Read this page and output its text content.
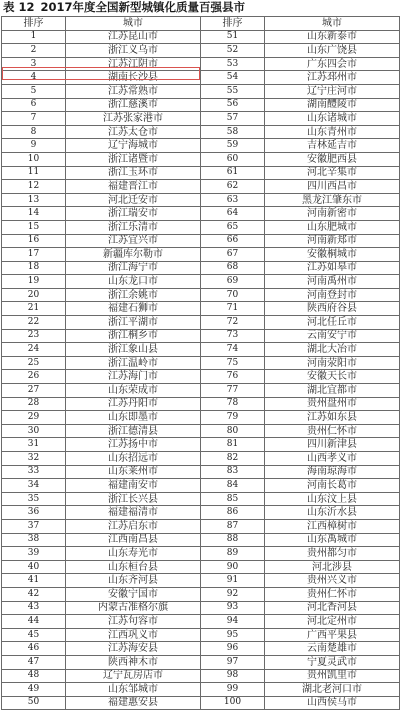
表 12 2017年度全国新型城镇化质量百强县市
排序	城市	排序	城市
1	江苏昆山市	51	山东新泰市
2	浙江义乌市	52	山东广饶县
3	江苏江阴市	53	广东四会市
4	湖南长沙县	54	江苏邳州市
5	江苏常熟市	55	辽宁庄河市
6	浙江慈溪市	56	湖南醴陵市
7	江苏张家港市	57	山东诸城市
8	江苏太仓市	58	山东青州市
9	辽宁海城市	59	吉林延吉市
10	浙江诸暨市	60	安徽肥西县
11	浙江玉环市	61	河北辛集市
12	福建晋江市	62	四川西昌市
13	河北迁安市	63	黑龙江肇东市
14	浙江瑞安市	64	河南新密市
15	浙江乐清市	65	山东肥城市
16	江苏宜兴市	66	河南新郑市
17	新疆库尔勒市	67	安徽桐城市
18	浙江海宁市	68	江苏如皋市
19	山东龙口市	69	河南禹州市
20	浙江余姚市	70	河南登封市
21	福建石狮市	71	陕西府谷县
22	浙江平湖市	72	河北任丘市
23	浙江桐乡市	73	云南安宁市
24	浙江象山县	74	湖北大冶市
25	浙江温岭市	75	河南荥阳市
26	江苏海门市	76	安徽天长市
27	山东荣成市	77	湖北宜都市
28	江苏丹阳市	78	贵州盘州市
29	山东即墨市	79	江苏如东县
30	浙江德清县	80	贵州仁怀市
31	江苏扬中市	81	四川新津县
32	山东招远市	82	山西孝义市
33	山东莱州市	83	海南琼海市
34	福建南安市	84	河南长葛市
35	浙江长兴县	85	山东汶上县
36	福建福清市	86	山东沂水县
37	江苏启东市	87	江西樟树市
38	江西南昌县	88	山东禹城市
39	山东寿光市	89	贵州都匀市
40	山东桓台县	90	河北涉县
41	山东齐河县	91	贵州兴义市
42	安徽宁国市	92	贵州仁怀市
43	内蒙古准格尔旗	93	河北香河县
44	江苏句容市	94	河北定州市
45	江西巩义市	95	广西平果县
46	江苏海安县	96	云南楚雄市
47	陕西神木市	97	宁夏灵武市
48	辽宁瓦房店市	98	贵州凯里市
49	山东邹城市	99	湖北老河口市
50	福建惠安县	100	山西侯马市
